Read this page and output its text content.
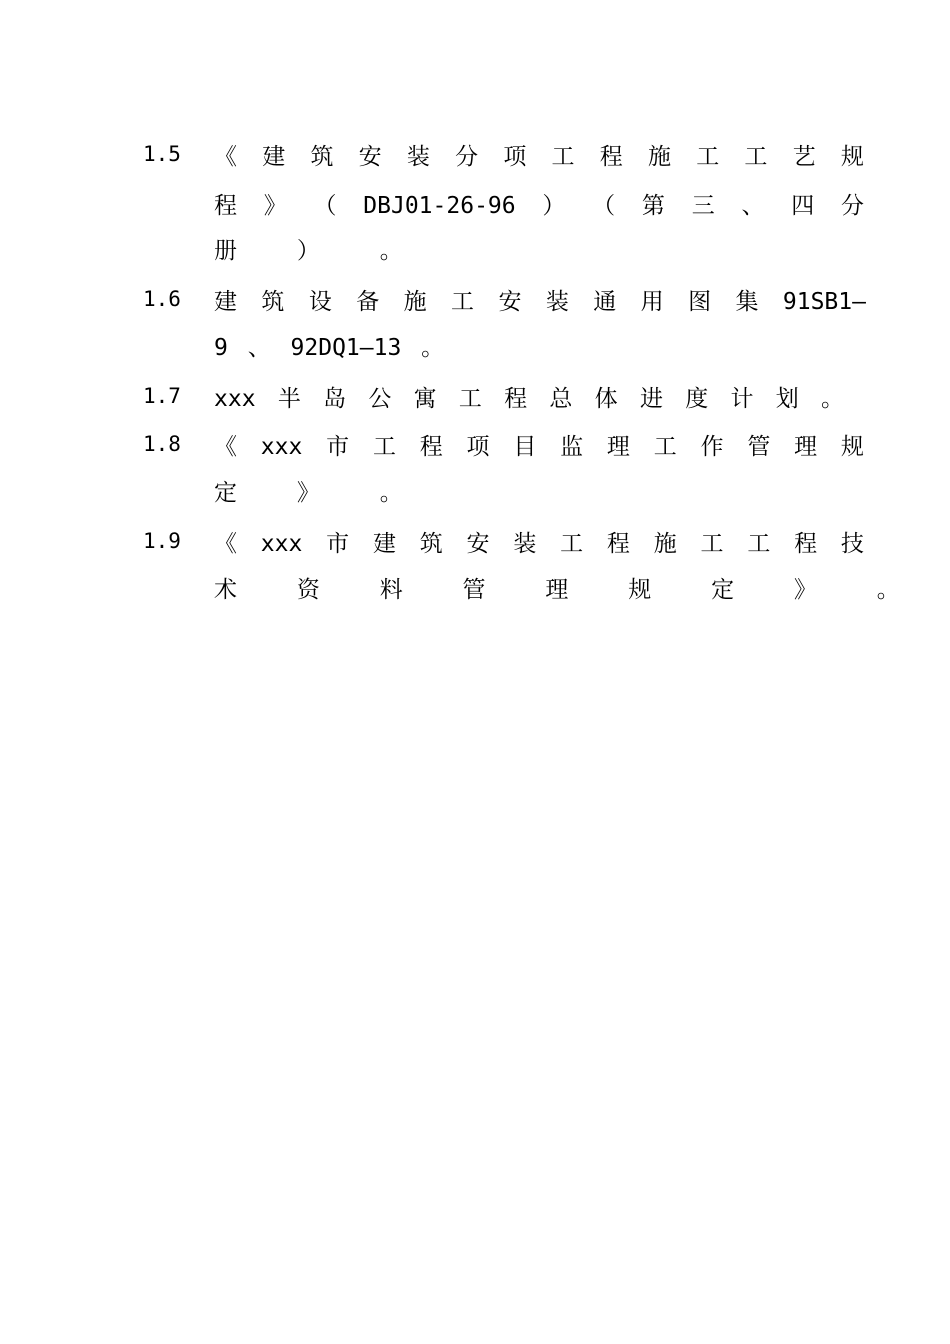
1.5	《 建 筑 安 装 分 项 工 程 施 工 工 艺 规
程 》 （ DBJ01-26-96 ） （ 第 三 、 四 分
册 ） 。
1.6	建 筑 设 备 施 工 安 装 通 用 图 集 91SB1—
9 、 92DQ1—13 。
1.7	xxx 半 岛 公 寓 工 程 总 体 进 度 计 划 。
1.8	《 xxx 市 工 程 项 目 监 理 工 作 管 理 规
定 》 。
1.9	《 xxx 市 建 筑 安 装 工 程 施 工 工 程 技
术 资 料 管 理 规 定 》 。
